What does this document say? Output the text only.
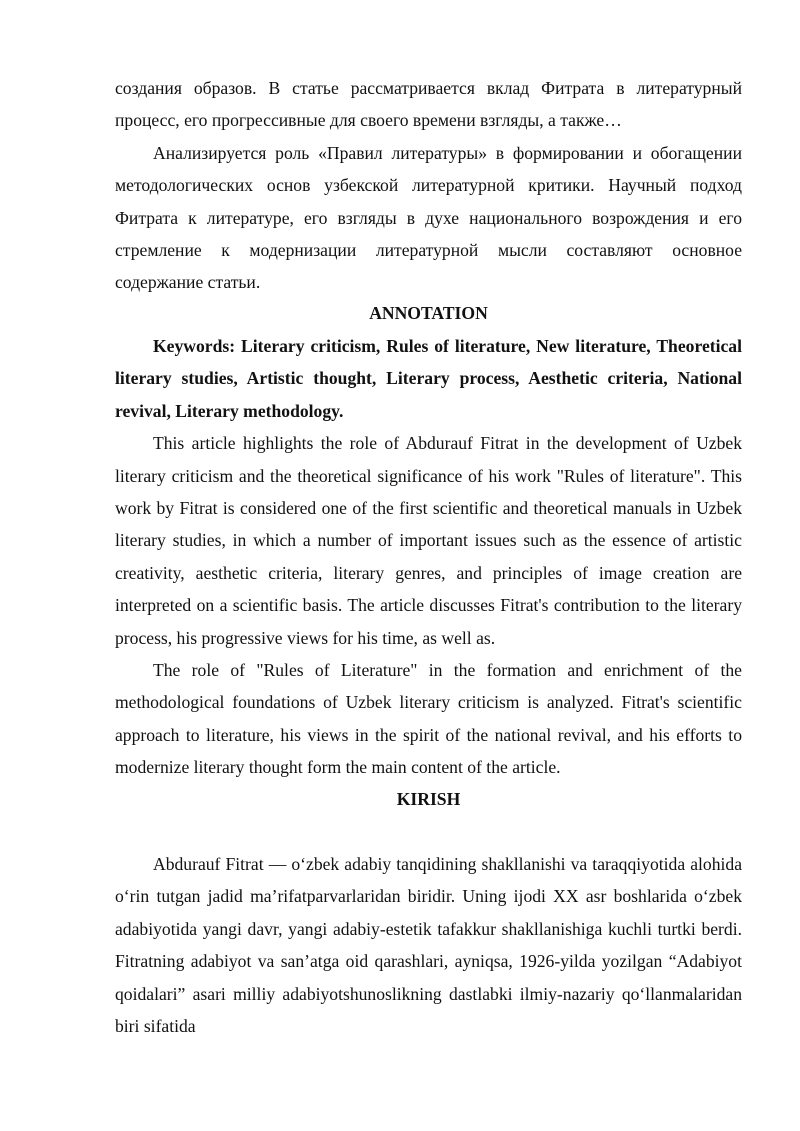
создания образов. В статье рассматривается вклад Фитрата в литературный процесс, его прогрессивные для своего времени взгляды, а также…

Анализируется роль «Правил литературы» в формировании и обогащении методологических основ узбекской литературной критики. Научный подход Фитрата к литературе, его взгляды в духе национального возрождения и его стремление к модернизации литературной мысли составляют основное содержание статьи.

ANNOTATION

Keywords: Literary criticism, Rules of literature, New literature, Theoretical literary studies, Artistic thought, Literary process, Aesthetic criteria, National revival, Literary methodology.

This article highlights the role of Abdurauf Fitrat in the development of Uzbek literary criticism and the theoretical significance of his work "Rules of literature". This work by Fitrat is considered one of the first scientific and theoretical manuals in Uzbek literary studies, in which a number of important issues such as the essence of artistic creativity, aesthetic criteria, literary genres, and principles of image creation are interpreted on a scientific basis. The article discusses Fitrat's contribution to the literary process, his progressive views for his time, as well as.

The role of "Rules of Literature" in the formation and enrichment of the methodological foundations of Uzbek literary criticism is analyzed. Fitrat's scientific approach to literature, his views in the spirit of the national revival, and his efforts to modernize literary thought form the main content of the article.

KIRISH

Abdurauf Fitrat — o‘zbek adabiy tanqidining shakllanishi va taraqqiyotida alohida o‘rin tutgan jadid ma’rifatparvarlaridan biridir. Uning ijodi XX asr boshlarida o‘zbek adabiyotida yangi davr, yangi adabiy-estetik tafakkur shakllanishiga kuchli turtki berdi. Fitratning adabiyot va san’atga oid qarashlari, ayniqsa, 1926-yilda yozilgan “Adabiyot qoidalari” asari milliy adabiyotshunoslikning dastlabki ilmiy-nazariy qo‘llanmalaridan biri sifatida
